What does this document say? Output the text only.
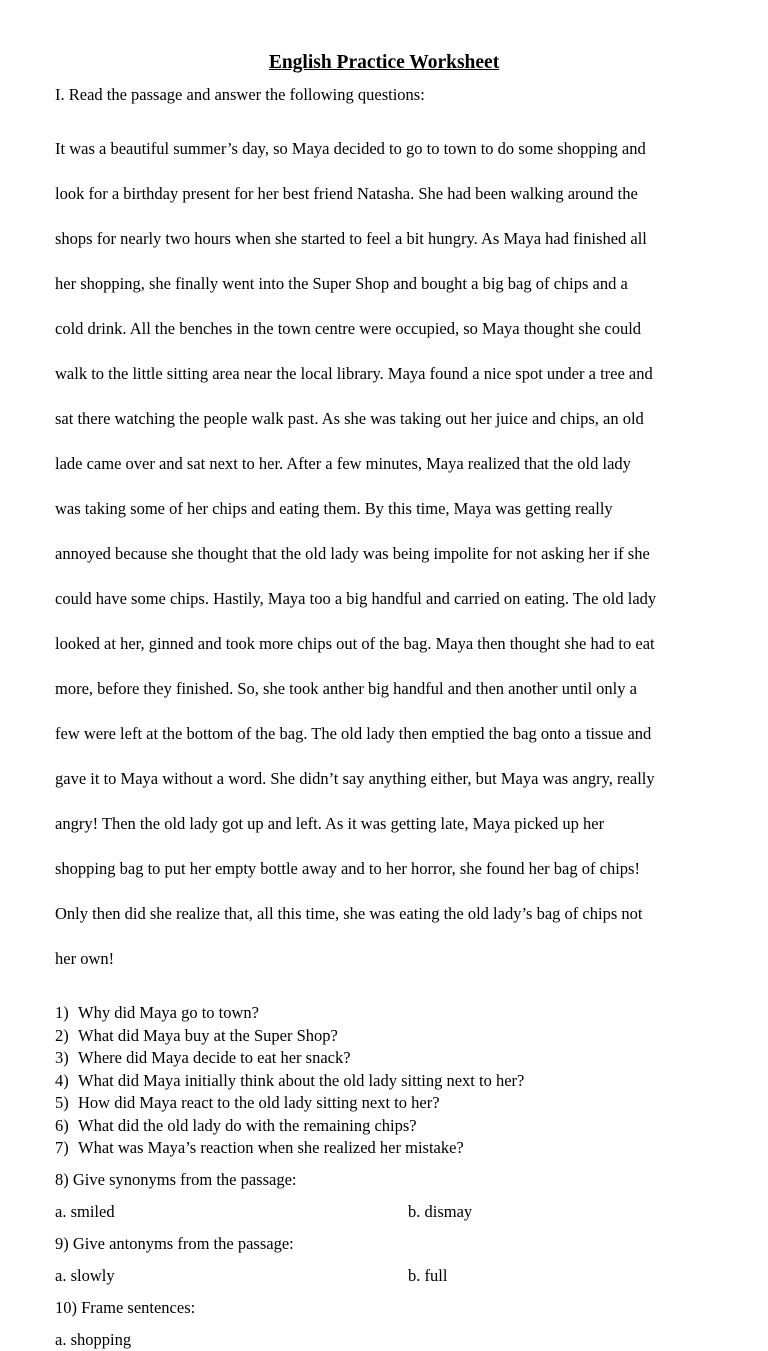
English Practice Worksheet
I. Read the passage and answer the following questions:

It was a beautiful summer’s day, so Maya decided to go to town to do some shopping and

look for a birthday present for her best friend Natasha. She had been walking around the

shops for nearly two hours when she started to feel a bit hungry. As Maya had finished all

her shopping, she finally went into the Super Shop and bought a big bag of chips and a

cold drink. All the benches in the town centre were occupied, so Maya thought she could

walk to the little sitting area near the local library. Maya found a nice spot under a tree and

sat there watching the people walk past. As she was taking out her juice and chips, an old

lade came over and sat next to her. After a few minutes, Maya realized that the old lady

was taking some of her chips and eating them. By this time, Maya was getting really

annoyed because she thought that the old lady was being impolite for not asking her if she

could have some chips. Hastily, Maya too a big handful and carried on eating. The old lady

looked at her, ginned and took more chips out of the bag. Maya then thought she had to eat

more, before they finished. So, she took anther big handful and then another until only a

few were left at the bottom of the bag. The old lady then emptied the bag onto a tissue and

gave it to Maya without a word. She didn’t say anything either, but Maya was angry, really

angry! Then the old lady got up and left. As it was getting late, Maya picked up her

shopping bag to put her empty bottle away and to her horror, she found her bag of chips!

Only then did she realize that, all this time, she was eating the old lady’s bag of chips not

her own!

1) Why did Maya go to town?
2) What did Maya buy at the Super Shop?
3) Where did Maya decide to eat her snack?
4) What did Maya initially think about the old lady sitting next to her?
5) How did Maya react to the old lady sitting next to her?
6) What did the old lady do with the remaining chips?
7) What was Maya’s reaction when she realized her mistake?
8) Give synonyms from the passage:
a. smiled	b. dismay
9) Give antonyms from the passage:
a. slowly	b. full
10) Frame sentences:
a. shopping
